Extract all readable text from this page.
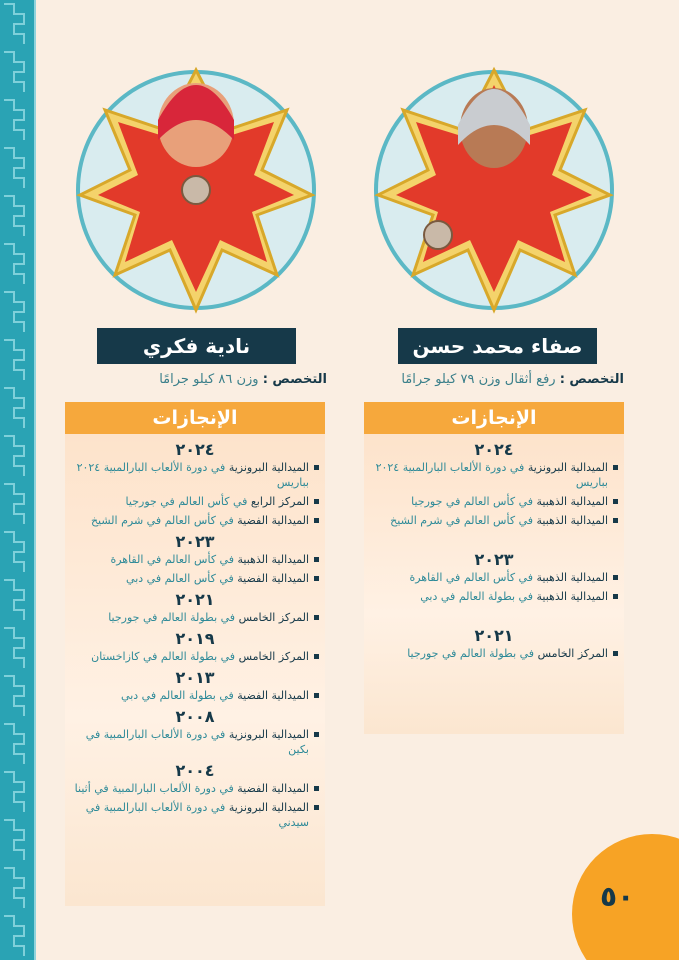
نادية فكري
التخصص : وزن ٨٦ كيلو جرامًا
الإنجازات
٢٠٢٤
الميدالية البرونزية في دورة الألعاب البارالمبية ٢٠٢٤ بباريس
المركز الرابع في كأس العالم في جورجيا
الميدالية الفضية في كأس العالم في شرم الشيخ
٢٠٢٣
الميدالية الذهبية في كأس العالم في القاهرة
الميدالية الفضية في كأس العالم في دبي
٢٠٢١
المركز الخامس في بطولة العالم في جورجيا
٢٠١٩
المركز الخامس في بطولة العالم في كازاخستان
٢٠١٣
الميدالية الفضية في بطولة العالم في دبي
٢٠٠٨
الميدالية البرونزية في دورة الألعاب البارالمبية في بكين
٢٠٠٤
الميدالية الفضية في دورة الألعاب البارالمبية في أثينا
الميدالية البرونزية في دورة الألعاب البارالمبية في سيدني
صفاء محمد حسن
التخصص : رفع أثقال وزن ٧٩ كيلو جرامًا
الإنجازات
٢٠٢٤
الميدالية البرونزية في دورة الألعاب البارالمبية ٢٠٢٤ بباريس
الميدالية الذهبية في كأس العالم في جورجيا
الميدالية الذهبية في كأس العالم في شرم الشيخ
٢٠٢٣
الميدالية الذهبية في كأس العالم في القاهرة
الميدالية الذهبية في بطولة العالم في دبي
٢٠٢١
المركز الخامس في بطولة العالم في جورجيا
٥٠
